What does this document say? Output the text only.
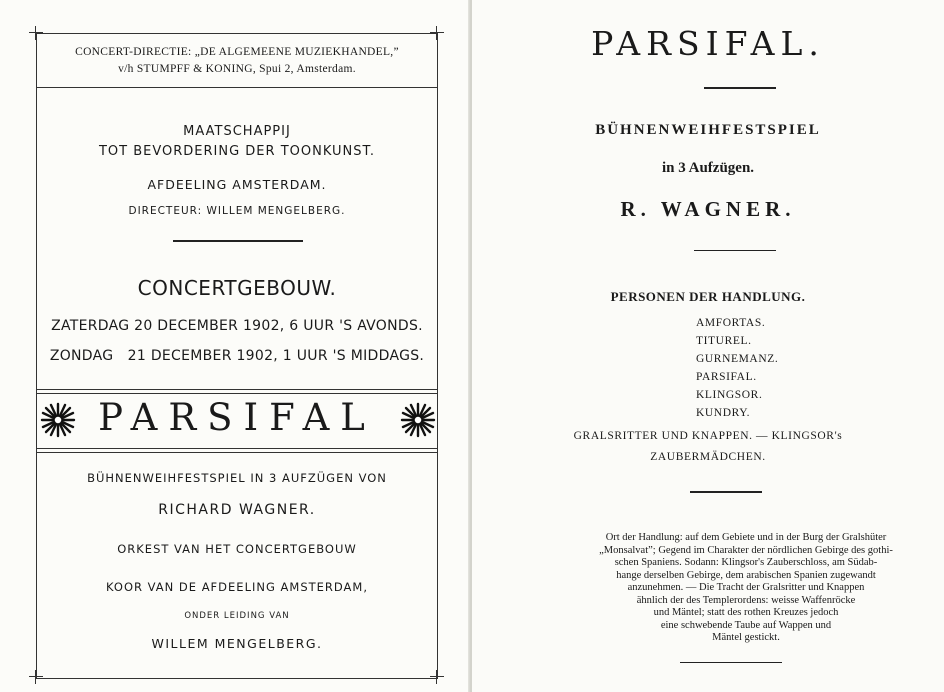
CONCERT-DIRECTIE: „DE ALGEMEENE MUZIEKHANDEL,”
v/h STUMPFF & KONING, Spui 2, Amsterdam.
MAATSCHAPPIJ
TOT BEVORDERING DER TOONKUNST.
AFDEELING AMSTERDAM.
DIRECTEUR: WILLEM MENGELBERG.
CONCERTGEBOUW.
ZATERDAG 20 DECEMBER 1902, 6 UUR 'S AVONDS.
ZONDAG   21 DECEMBER 1902, 1 UUR 'S MIDDAGS.
PARSIFAL
BÜHNENWEIHFESTSPIEL IN 3 AUFZÜGEN VON
RICHARD WAGNER.
ORKEST VAN HET CONCERTGEBOUW
KOOR VAN DE AFDEELING AMSTERDAM,
ONDER LEIDING VAN
WILLEM MENGELBERG.
PARSIFAL.
BÜHNENWEIHFESTSPIEL
in 3 Aufzügen.
R. WAGNER.
PERSONEN DER HANDLUNG.
AMFORTAS.
TITUREL.
GURNEMANZ.
PARSIFAL.
KLINGSOR.
KUNDRY.
GRALSRITTER UND KNAPPEN. — KLINGSOR's
ZAUBERMÄDCHEN.
Ort der Handlung: auf dem Gebiete und in der Burg der Gralshüter
„Monsalvat”; Gegend im Charakter der nördlichen Gebirge des gothi-
schen Spaniens. Sodann: Klingsor's Zauberschloss, am Südab-
hange derselben Gebirge, dem arabischen Spanien zugewandt
anzunehmen. — Die Tracht der Gralsritter und Knappen
ähnlich der des Templerordens: weisse Waffenröcke
und Mäntel; statt des rothen Kreuzes jedoch
eine schwebende Taube auf Wappen und
Mäntel gestickt.
